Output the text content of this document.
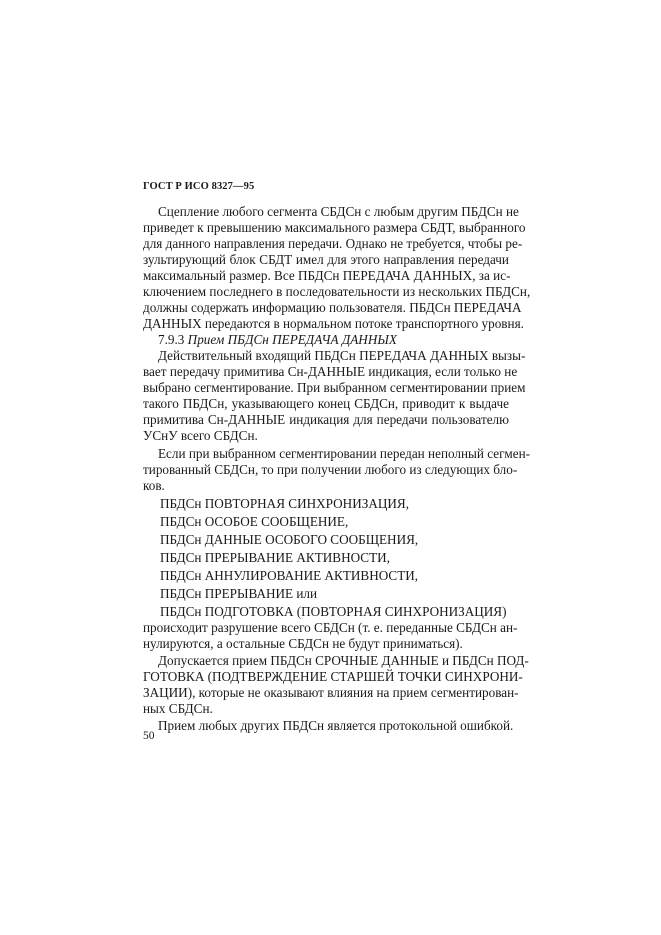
ГОСТ Р ИСО 8327—95

Сцепление любого сегмента СБДСн с любым другим ПБДСн не

приведет к превышению максимального размера СБДТ, выбранного

для данного направления передачи. Однако не требуется, чтобы ре-

зультирующий блок СБДТ имел для этого направления передачи

максимальный размер. Все ПБДСн ПЕРЕДАЧА ДАННЫХ, за ис-

ключением последнего в последовательности из нескольких ПБДСн,

должны содержать информацию пользователя. ПБДСн ПЕРЕДАЧА

ДАННЫХ передаются в нормальном потоке транспортного уровня.

7.9.3 Прием ПБДСн ПЕРЕДАЧА ДАННЫХ

Действительный входящий ПБДСн ПЕРЕДАЧА ДАННЫХ вызы-

вает передачу примитива Сн-ДАННЫЕ индикация, если только не

выбрано сегментирование. При выбранном сегментировании прием

такого ПБДСн, указывающего конец СБДСн, приводит к выдаче

примитива Сн-ДАННЫЕ индикация для передачи пользователю

УСнУ всего СБДСн.

Если при выбранном сегментировании передан неполный сегмен-

тированный СБДСн, то при получении любого из следующих бло-

ков.

ПБДСн ПОВТОРНАЯ СИНХРОНИЗАЦИЯ,

ПБДСн ОСОБОЕ СООБЩЕНИЕ,

ПБДСн ДАННЫЕ ОСОБОГО СООБЩЕНИЯ,

ПБДСн ПРЕРЫВАНИЕ АКТИВНОСТИ,

ПБДСн АННУЛИРОВАНИЕ АКТИВНОСТИ,

ПБДСн ПРЕРЫВАНИЕ или

ПБДСн ПОДГОТОВКА (ПОВТОРНАЯ СИНХРОНИЗАЦИЯ)

происходит разрушение всего СБДСн (т. е. переданные СБДСн ан-

нулируются, а остальные СБДСн не будут приниматься).

Допускается прием ПБДСн СРОЧНЫЕ ДАННЫЕ и ПБДСн ПОД-

ГОТОВКА (ПОДТВЕРЖДЕНИЕ СТАРШЕЙ ТОЧКИ СИНХРОНИ-

ЗАЦИИ), которые не оказывают влияния на прием сегментирован-

ных СБДСн.

Прием любых других ПБДСн является протокольной ошибкой.

50
